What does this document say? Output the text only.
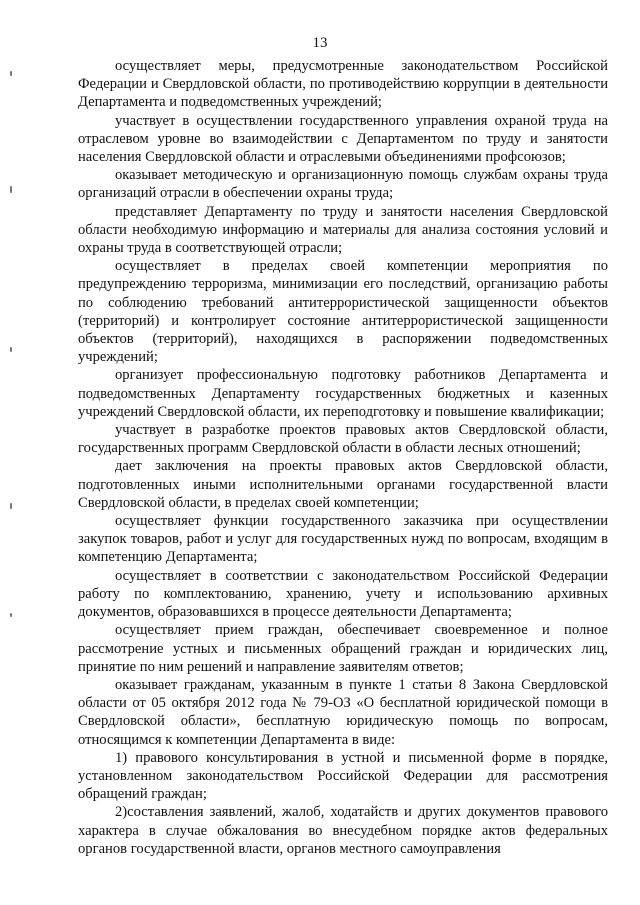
13

осуществляет меры, предусмотренные законодательством Российской Федерации и Свердловской области, по противодействию коррупции в деятельности Департамента и подведомственных учреждений;

участвует в осуществлении государственного управления охраной труда на отраслевом уровне во взаимодействии с Департаментом по труду и занятости населения Свердловской области и отраслевыми объединениями профсоюзов;

оказывает методическую и организационную помощь службам охраны труда организаций отрасли в обеспечении охраны труда;

представляет Департаменту по труду и занятости населения Свердловской области необходимую информацию и материалы для анализа состояния условий и охраны труда в соответствующей отрасли;

осуществляет в пределах своей компетенции мероприятия по предупреждению терроризма, минимизации его последствий, организацию работы по соблюдению требований антитеррористической защищенности объектов (территорий) и контролирует состояние антитеррористической защищенности объектов (территорий), находящихся в распоряжении подведомственных учреждений;

организует профессиональную подготовку работников Департамента и подведомственных Департаменту государственных бюджетных и казенных учреждений Свердловской области, их переподготовку и повышение квалификации;

участвует в разработке проектов правовых актов Свердловской области, государственных программ Свердловской области в области лесных отношений;

дает заключения на проекты правовых актов Свердловской области, подготовленных иными исполнительными органами государственной власти Свердловской области, в пределах своей компетенции;

осуществляет функции государственного заказчика при осуществлении закупок товаров, работ и услуг для государственных нужд по вопросам, входящим в компетенцию Департамента;

осуществляет в соответствии с законодательством Российской Федерации работу по комплектованию, хранению, учету и использованию архивных документов, образовавшихся в процессе деятельности Департамента;

осуществляет прием граждан, обеспечивает своевременное и полное рассмотрение устных и письменных обращений граждан и юридических лиц, принятие по ним решений и направление заявителям ответов;

оказывает гражданам, указанным в пункте 1 статьи 8 Закона Свердловской области от 05 октября 2012 года № 79-ОЗ «О бесплатной юридической помощи в Свердловской области», бесплатную юридическую помощь по вопросам, относящимся к компетенции Департамента в виде:

1) правового консультирования в устной и письменной форме в порядке, установленном законодательством Российской Федерации для рассмотрения обращений граждан;

2)составления заявлений, жалоб, ходатайств и других документов правового характера в случае обжалования во внесудебном порядке актов федеральных органов государственной власти, органов местного самоуправления
